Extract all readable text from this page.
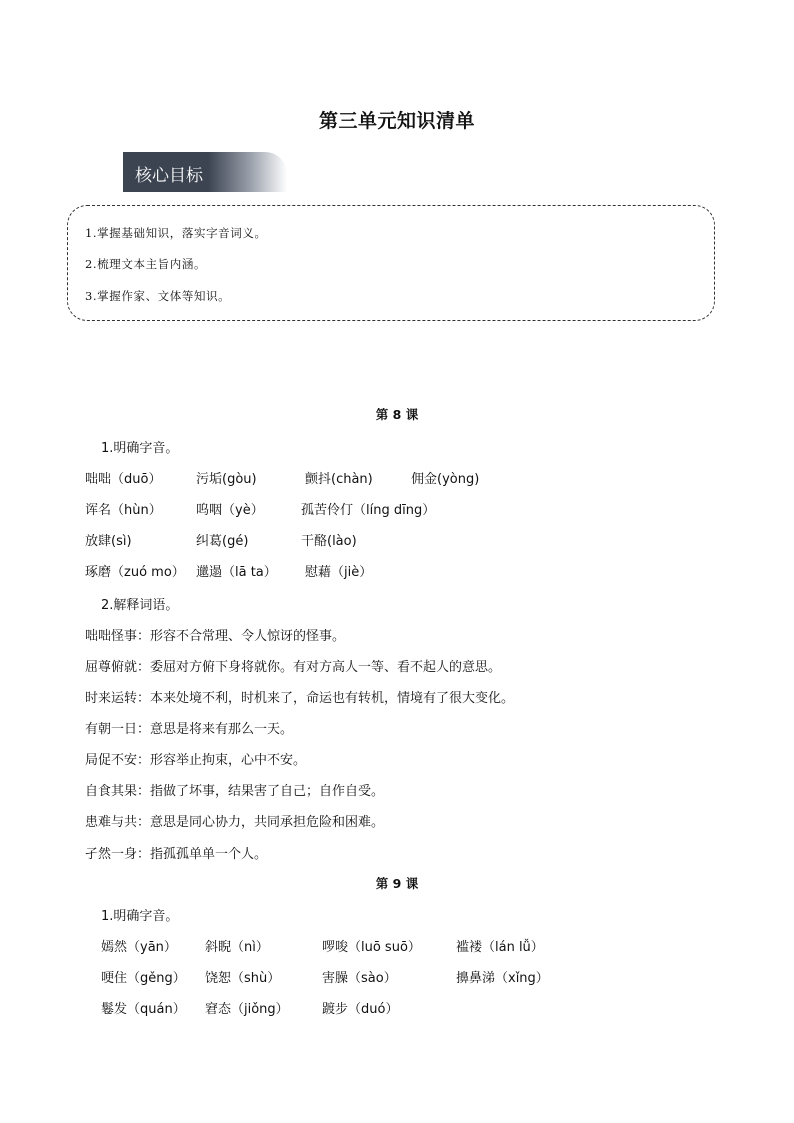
第三单元知识清单
核心目标
1.掌握基础知识，落实字音词义。
2.梳理文本主旨内涵。
3.掌握作家、文体等知识。
第 8 课
1.明确字音。
咄咄（duō）	污垢(gòu)	颤抖(chàn)	佣金(yòng)
诨名（hùn）	呜咽（yè）	孤苦伶仃（líng dīng）
放肆(sì)	纠葛(gé)	干酪(lào)
琢磨（zuó mo） 邋遢（lā ta） 慰藉（jiè）
2.解释词语。
咄咄怪事：形容不合常理、令人惊讶的怪事。
屈尊俯就：委屈对方俯下身将就你。有对方高人一等、看不起人的意思。
时来运转：本来处境不利，时机来了，命运也有转机，情境有了很大变化。
有朝一日：意思是将来有那么一天。
局促不安：形容举止拘束，心中不安。
自食其果：指做了坏事，结果害了自己；自作自受。
患难与共：意思是同心协力，共同承担危险和困难。
孑然一身：指孤孤单单一个人。
第 9 课
1.明确字音。
嫣然（yān） 斜睨（nì）	啰唆（luō suō）	褴褛（lán lǚ）
哽住（gěng） 饶恕（shù）	害臊（sào）	擤鼻涕（xǐng）
鬈发（quán） 窘态（jiǒng）	踱步（duó）
